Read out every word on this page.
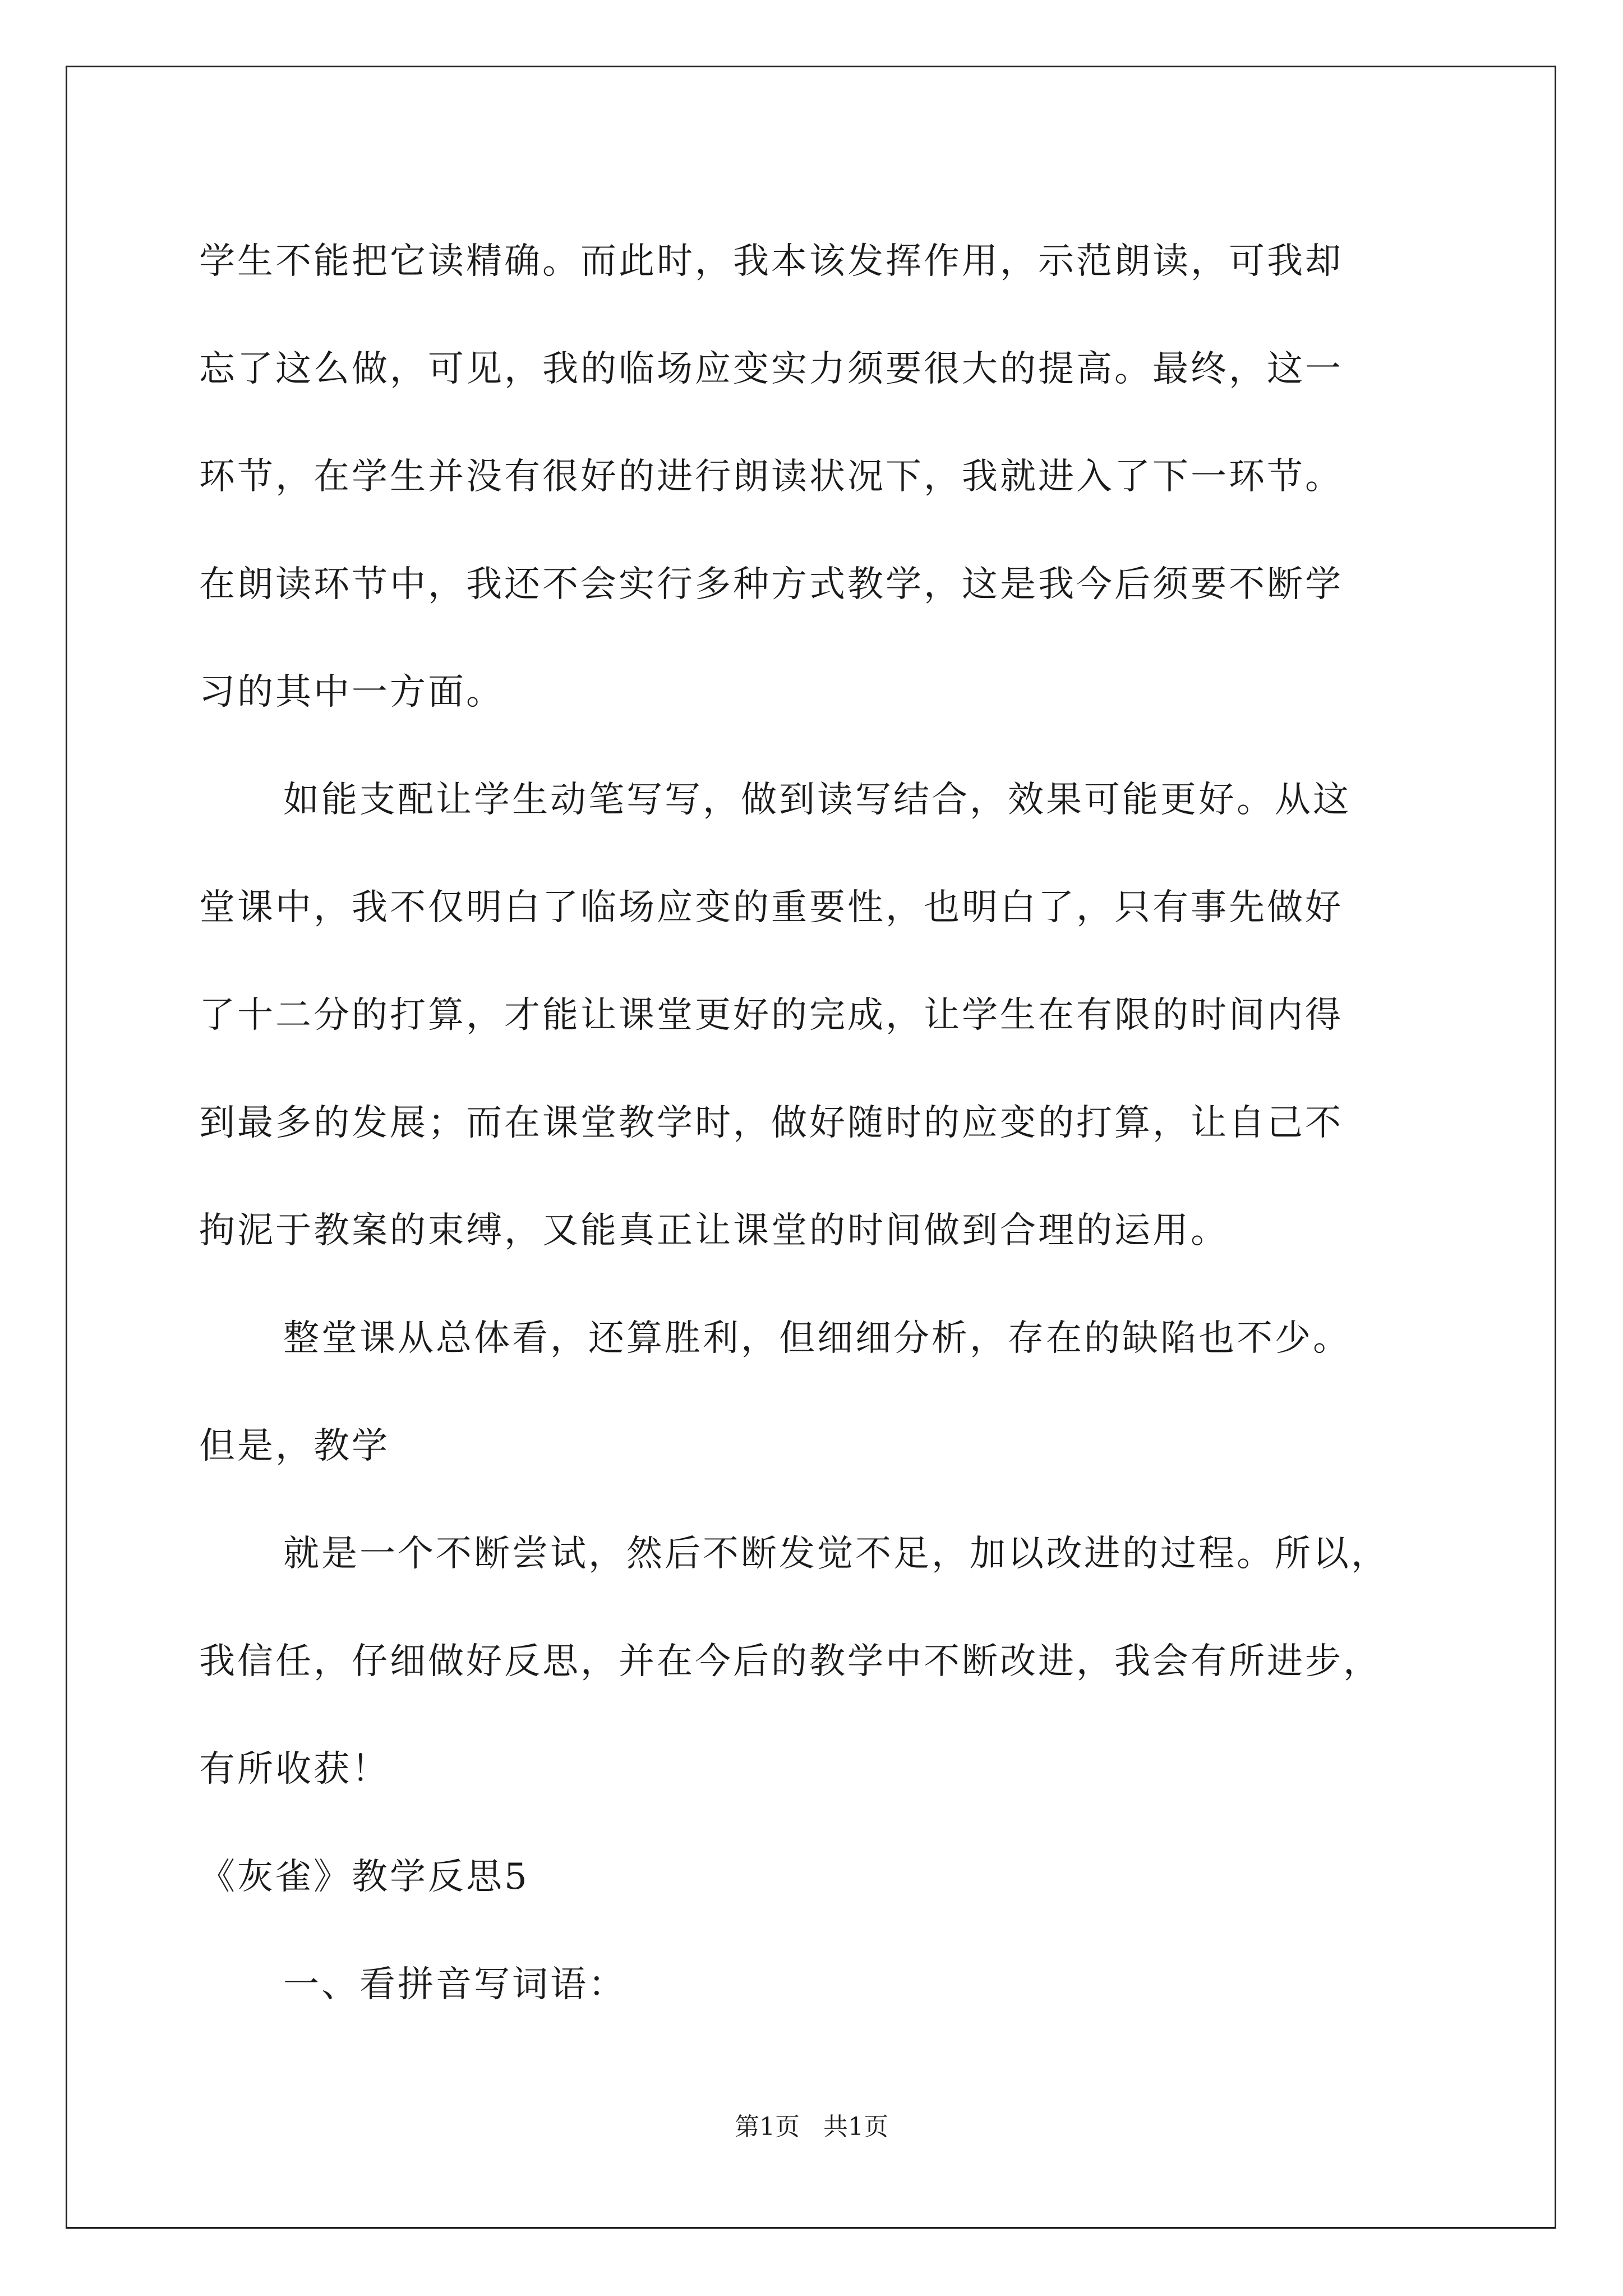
学生不能把它读精确。而此时，我本该发挥作用，示范朗读，可我却
忘了这么做，可见，我的临场应变实力须要很大的提高。最终，这一
环节，在学生并没有很好的进行朗读状况下，我就进入了下一环节。
在朗读环节中，我还不会实行多种方式教学，这是我今后须要不断学
习的其中一方面。
如能支配让学生动笔写写，做到读写结合，效果可能更好。从这
堂课中，我不仅明白了临场应变的重要性，也明白了，只有事先做好
了十二分的打算，才能让课堂更好的完成，让学生在有限的时间内得
到最多的发展；而在课堂教学时，做好随时的应变的打算，让自己不
拘泥于教案的束缚，又能真正让课堂的时间做到合理的运用。
整堂课从总体看，还算胜利，但细细分析，存在的缺陷也不少。
但是，教学
就是一个不断尝试，然后不断发觉不足，加以改进的过程。所以，
我信任，仔细做好反思，并在今后的教学中不断改进，我会有所进步，
有所收获！
《灰雀》教学反思5
一、看拼音写词语：
第1页 共1页
